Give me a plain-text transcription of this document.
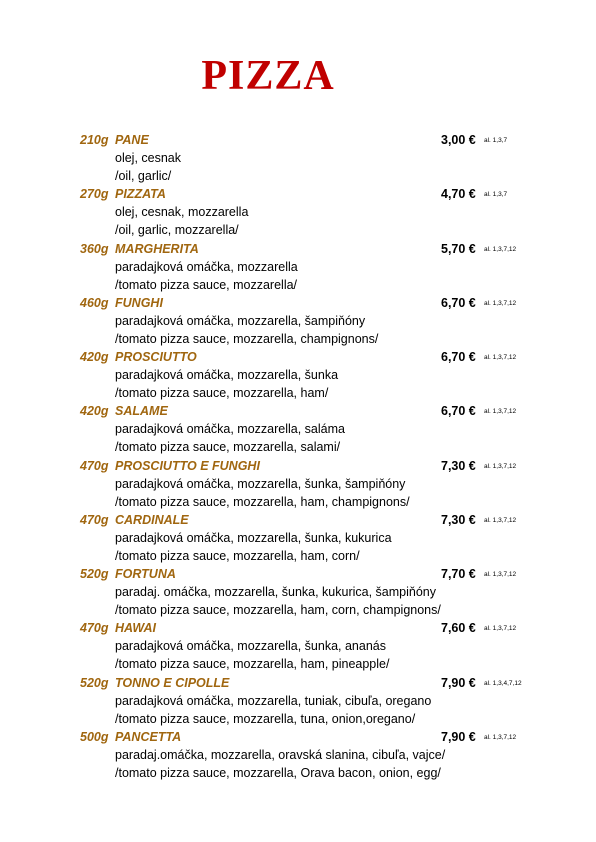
PIZZA
210g PANE	3,00 € al. 1,3,7
olej, cesnak
/oil, garlic/
270g PIZZATA	4,70 € al. 1,3,7
olej, cesnak, mozzarella
/oil, garlic, mozzarella/
360g MARGHERITA	5,70 € al. 1,3,7,12
paradajková omáčka, mozzarella
/tomato pizza sauce, mozzarella/
460g FUNGHI	6,70 € al. 1,3,7,12
paradajková omáčka, mozzarella, šampiňóny
/tomato pizza sauce, mozzarella, champignons/
420g PROSCIUTTO	6,70 € al. 1,3,7,12
paradajková omáčka, mozzarella, šunka
/tomato pizza sauce, mozzarella, ham/
420g SALAME	6,70 € al. 1,3,7,12
paradajková omáčka, mozzarella, saláma
/tomato pizza sauce, mozzarella, salami/
470g PROSCIUTTO E FUNGHI	7,30 € al. 1,3,7,12
paradajková omáčka, mozzarella, šunka, šampiňóny
/tomato pizza sauce, mozzarella, ham, champignons/
470g CARDINALE	7,30 € al. 1,3,7,12
paradajková omáčka, mozzarella, šunka, kukurica
/tomato pizza sauce, mozzarella, ham, corn/
520g FORTUNA	7,70 € al. 1,3,7,12
paradaj. omáčka, mozzarella, šunka, kukurica, šampiňóny
/tomato pizza sauce, mozzarella, ham, corn, champignons/
470g HAWAI	7,60 € al. 1,3,7,12
paradajková omáčka, mozzarella, šunka, ananás
/tomato pizza sauce, mozzarella, ham, pineapple/
520g TONNO E CIPOLLE	7,90 € al. 1,3,4,7,12
paradajková omáčka, mozzarella, tuniak, cibuľa, oregano
/tomato pizza sauce, mozzarella, tuna, onion,oregano/
500g PANCETTA	7,90 € al. 1,3,7,12
paradaj.omáčka, mozzarella, oravská slanina, cibuľa, vajce/
/tomato pizza sauce, mozzarella, Orava bacon, onion, egg/
